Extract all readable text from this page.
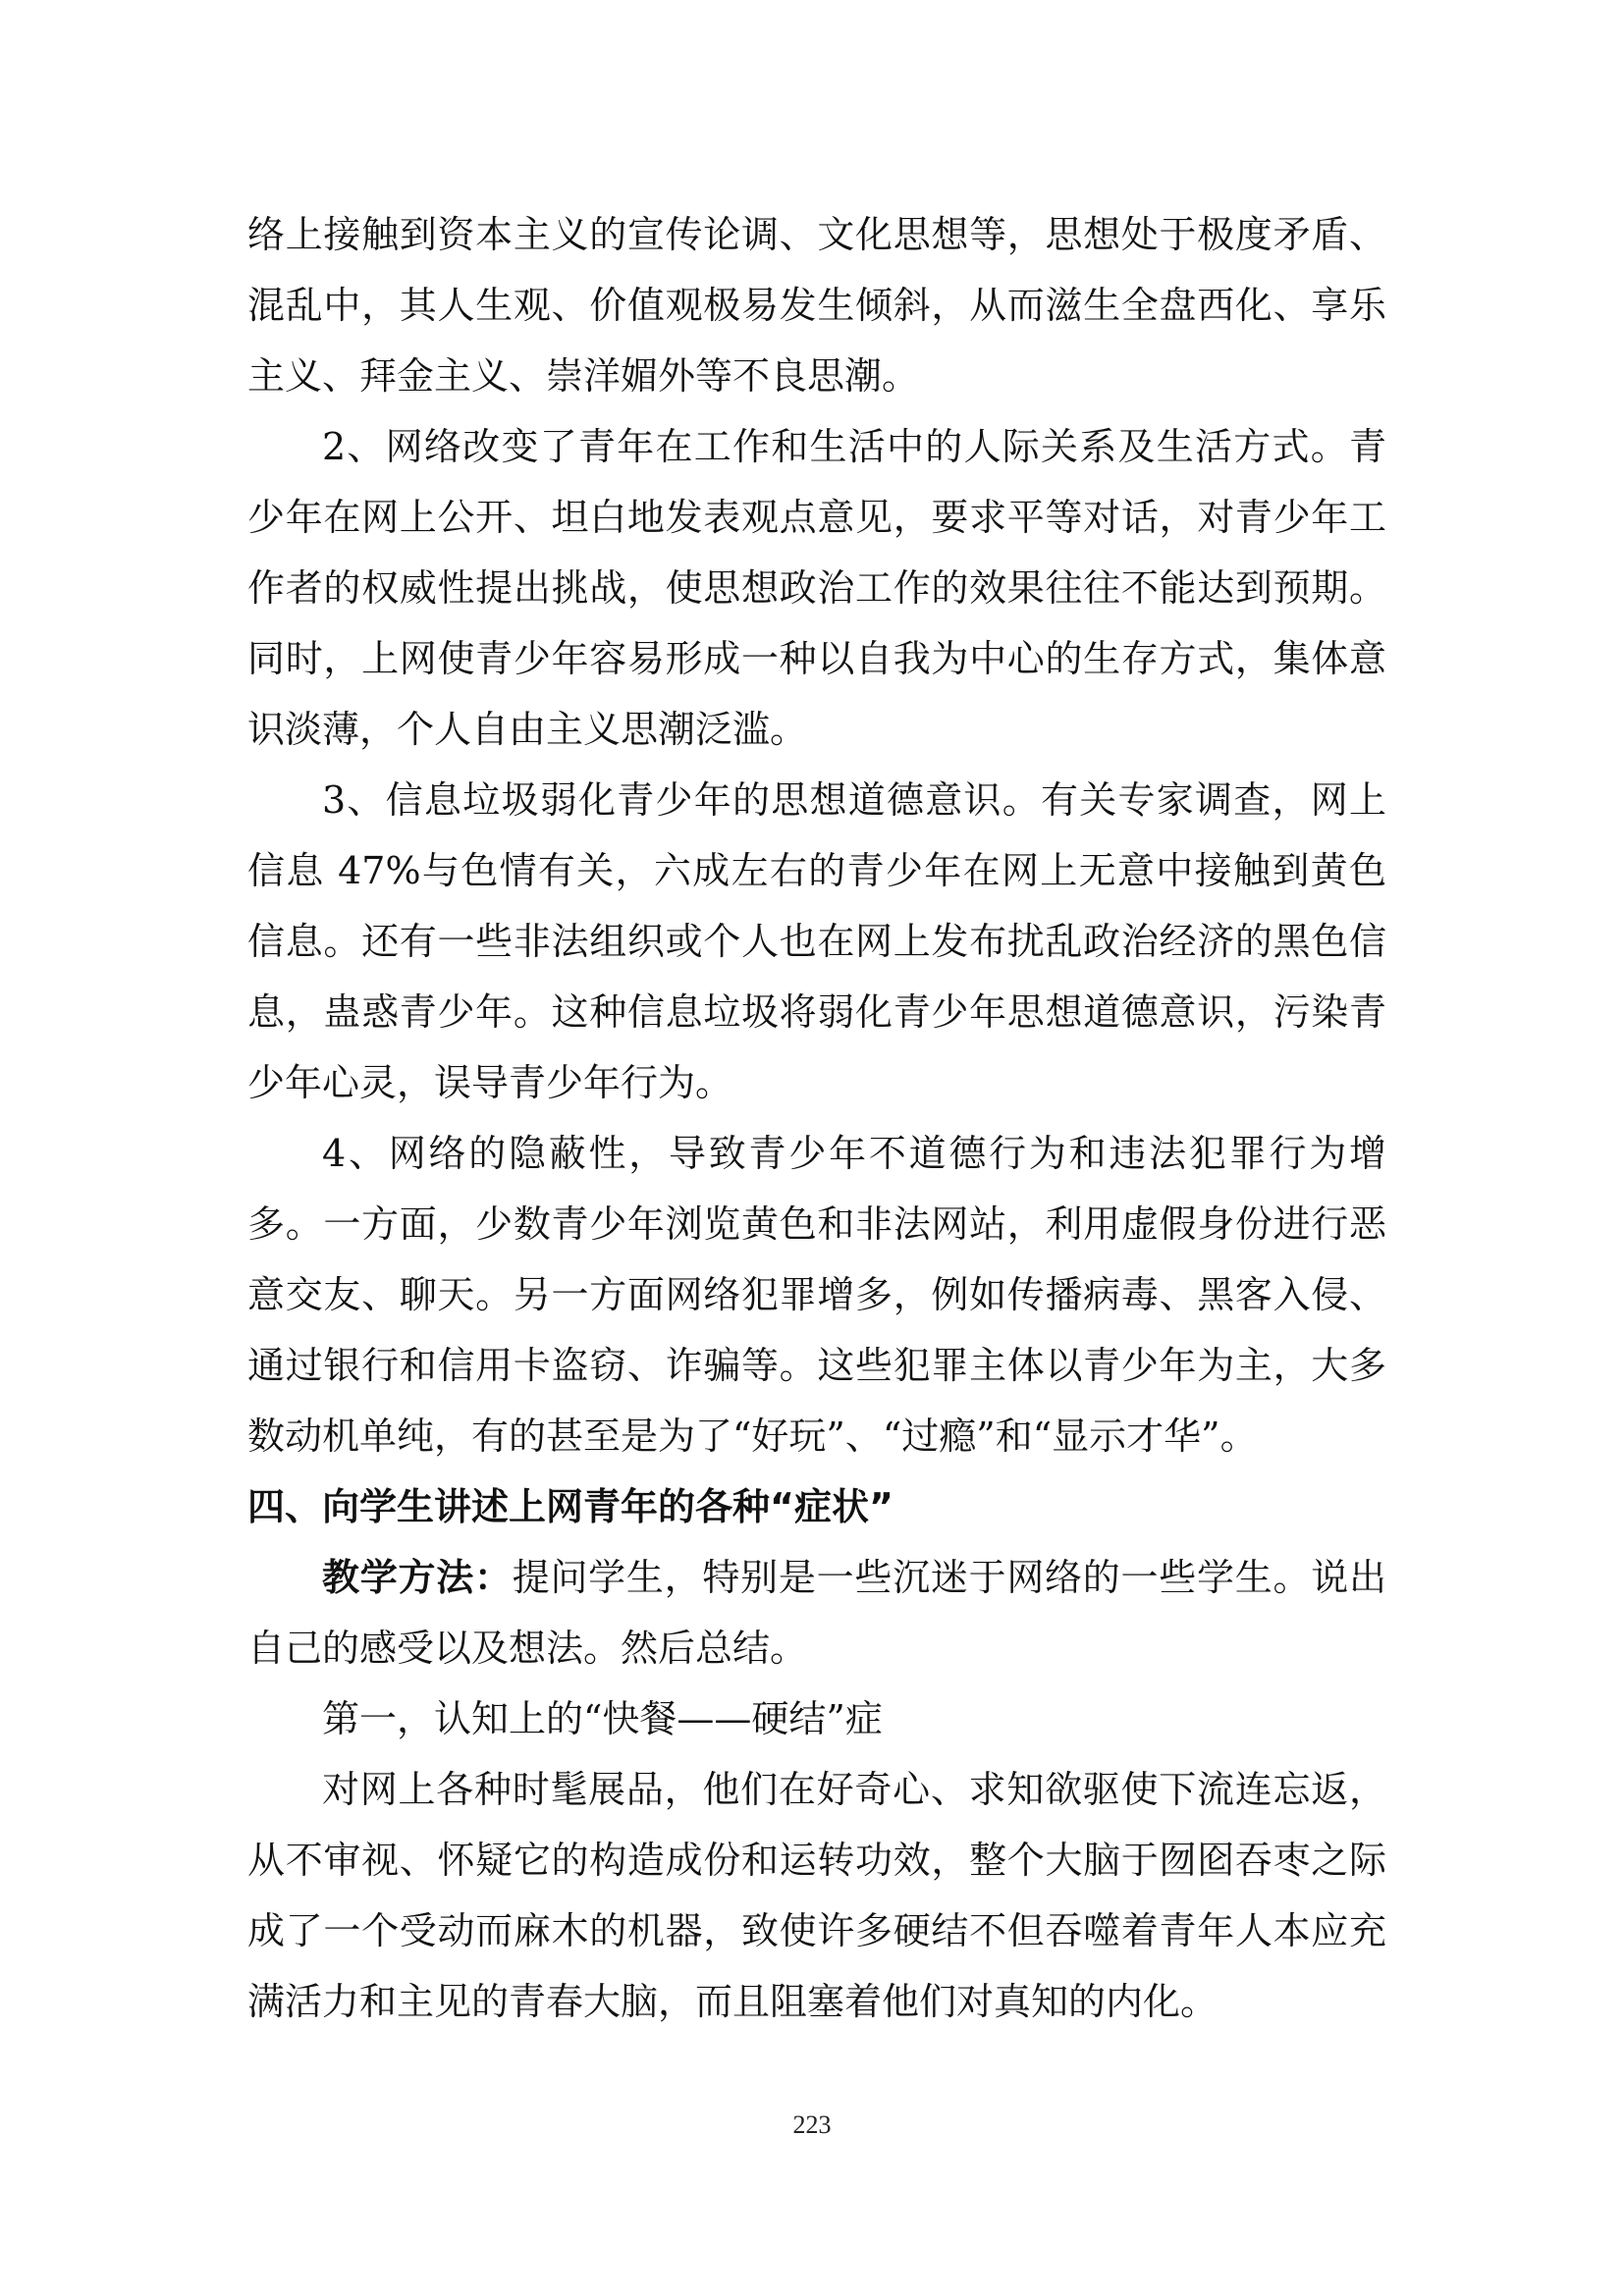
络上接触到资本主义的宣传论调、文化思想等，思想处于极度矛盾、混乱中，其人生观、价值观极易发生倾斜，从而滋生全盘西化、享乐主义、拜金主义、崇洋媚外等不良思潮。

2、网络改变了青年在工作和生活中的人际关系及生活方式。青少年在网上公开、坦白地发表观点意见，要求平等对话，对青少年工作者的权威性提出挑战，使思想政治工作的效果往往不能达到预期。同时，上网使青少年容易形成一种以自我为中心的生存方式，集体意识淡薄，个人自由主义思潮泛滥。

3、信息垃圾弱化青少年的思想道德意识。有关专家调查，网上信息 47%与色情有关，六成左右的青少年在网上无意中接触到黄色信息。还有一些非法组织或个人也在网上发布扰乱政治经济的黑色信息，蛊惑青少年。这种信息垃圾将弱化青少年思想道德意识，污染青少年心灵，误导青少年行为。

4、网络的隐蔽性，导致青少年不道德行为和违法犯罪行为增多。一方面，少数青少年浏览黄色和非法网站，利用虚假身份进行恶意交友、聊天。另一方面网络犯罪增多，例如传播病毒、黑客入侵、通过银行和信用卡盗窃、诈骗等。这些犯罪主体以青少年为主，大多数动机单纯，有的甚至是为了“好玩”、“过瘾”和“显示才华”。

四、向学生讲述上网青年的各种“症状”

教学方法：提问学生，特别是一些沉迷于网络的一些学生。说出自己的感受以及想法。然后总结。

第一，认知上的“快餐——硬结”症

对网上各种时髦展品，他们在好奇心、求知欲驱使下流连忘返，从不审视、怀疑它的构造成份和运转功效，整个大脑于囫囵吞枣之际成了一个受动而麻木的机器，致使许多硬结不但吞噬着青年人本应充满活力和主见的青春大脑，而且阻塞着他们对真知的内化。

223
